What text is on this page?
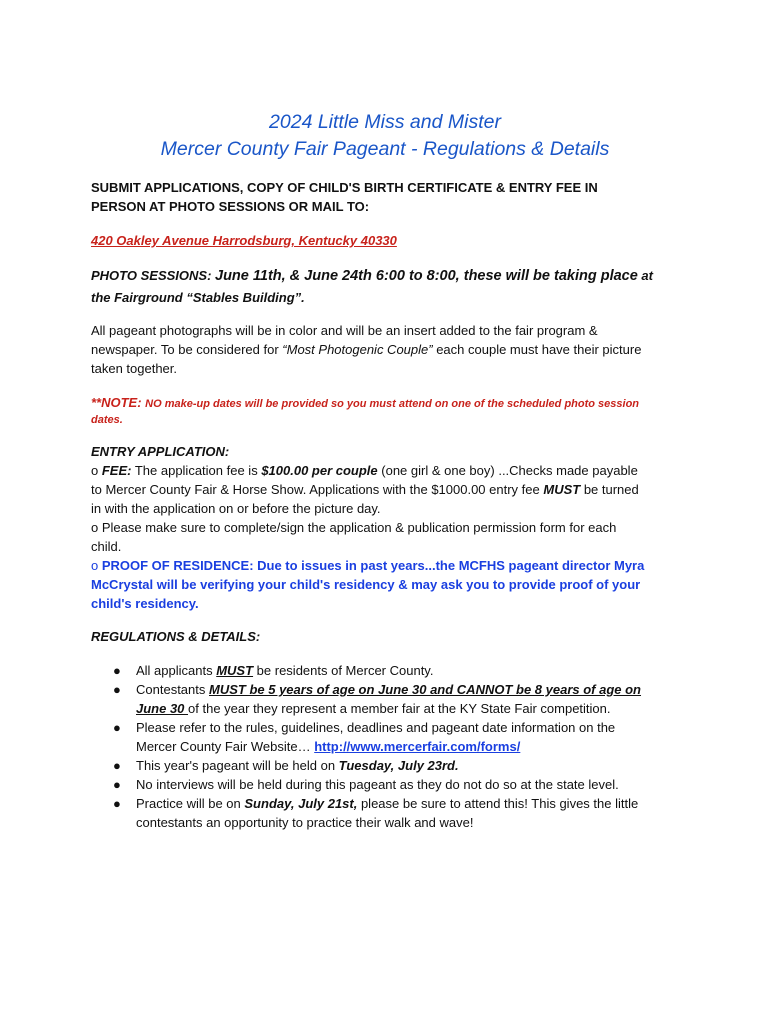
2024 Little Miss and Mister
Mercer County Fair Pageant - Regulations & Details
SUBMIT APPLICATIONS, COPY OF CHILD'S BIRTH CERTIFICATE & ENTRY FEE IN
PERSON AT PHOTO SESSIONS OR MAIL TO:
420 Oakley Avenue Harrodsburg, Kentucky 40330
PHOTO SESSIONS: June 11th, & June 24th 6:00 to 8:00, these will be taking place at
the Fairground “Stables Building”.
All pageant photographs will be in color and will be an insert added to the fair program &
newspaper. To be considered for “Most Photogenic Couple” each couple must have their picture
taken together.
**NOTE: NO make-up dates will be provided so you must attend on one of the scheduled photo session
dates.
ENTRY APPLICATION:
o FEE: The application fee is $100.00 per couple (one girl & one boy) ...Checks made payable
to Mercer County Fair & Horse Show. Applications with the $1000.00 entry fee MUST be turned
in with the application on or before the picture day.
o Please make sure to complete/sign the application & publication permission form for each
child.
o PROOF OF RESIDENCE: Due to issues in past years...the MCFHS pageant director Myra
McCrystal will be verifying your child's residency & may ask you to provide proof of your
child's residency.
REGULATIONS & DETAILS:
● All applicants MUST be residents of Mercer County.
● Contestants MUST be 5 years of age on June 30 and CANNOT be 8 years of age on
June 30 of the year they represent a member fair at the KY State Fair competition.
● Please refer to the rules, guidelines, deadlines and pageant date information on the
Mercer County Fair Website… http://www.mercerfair.com/forms/
● This year's pageant will be held on Tuesday, July 23rd.
● No interviews will be held during this pageant as they do not do so at the state level.
● Practice will be on Sunday, July 21st, please be sure to attend this! This gives the little
contestants an opportunity to practice their walk and wave!
